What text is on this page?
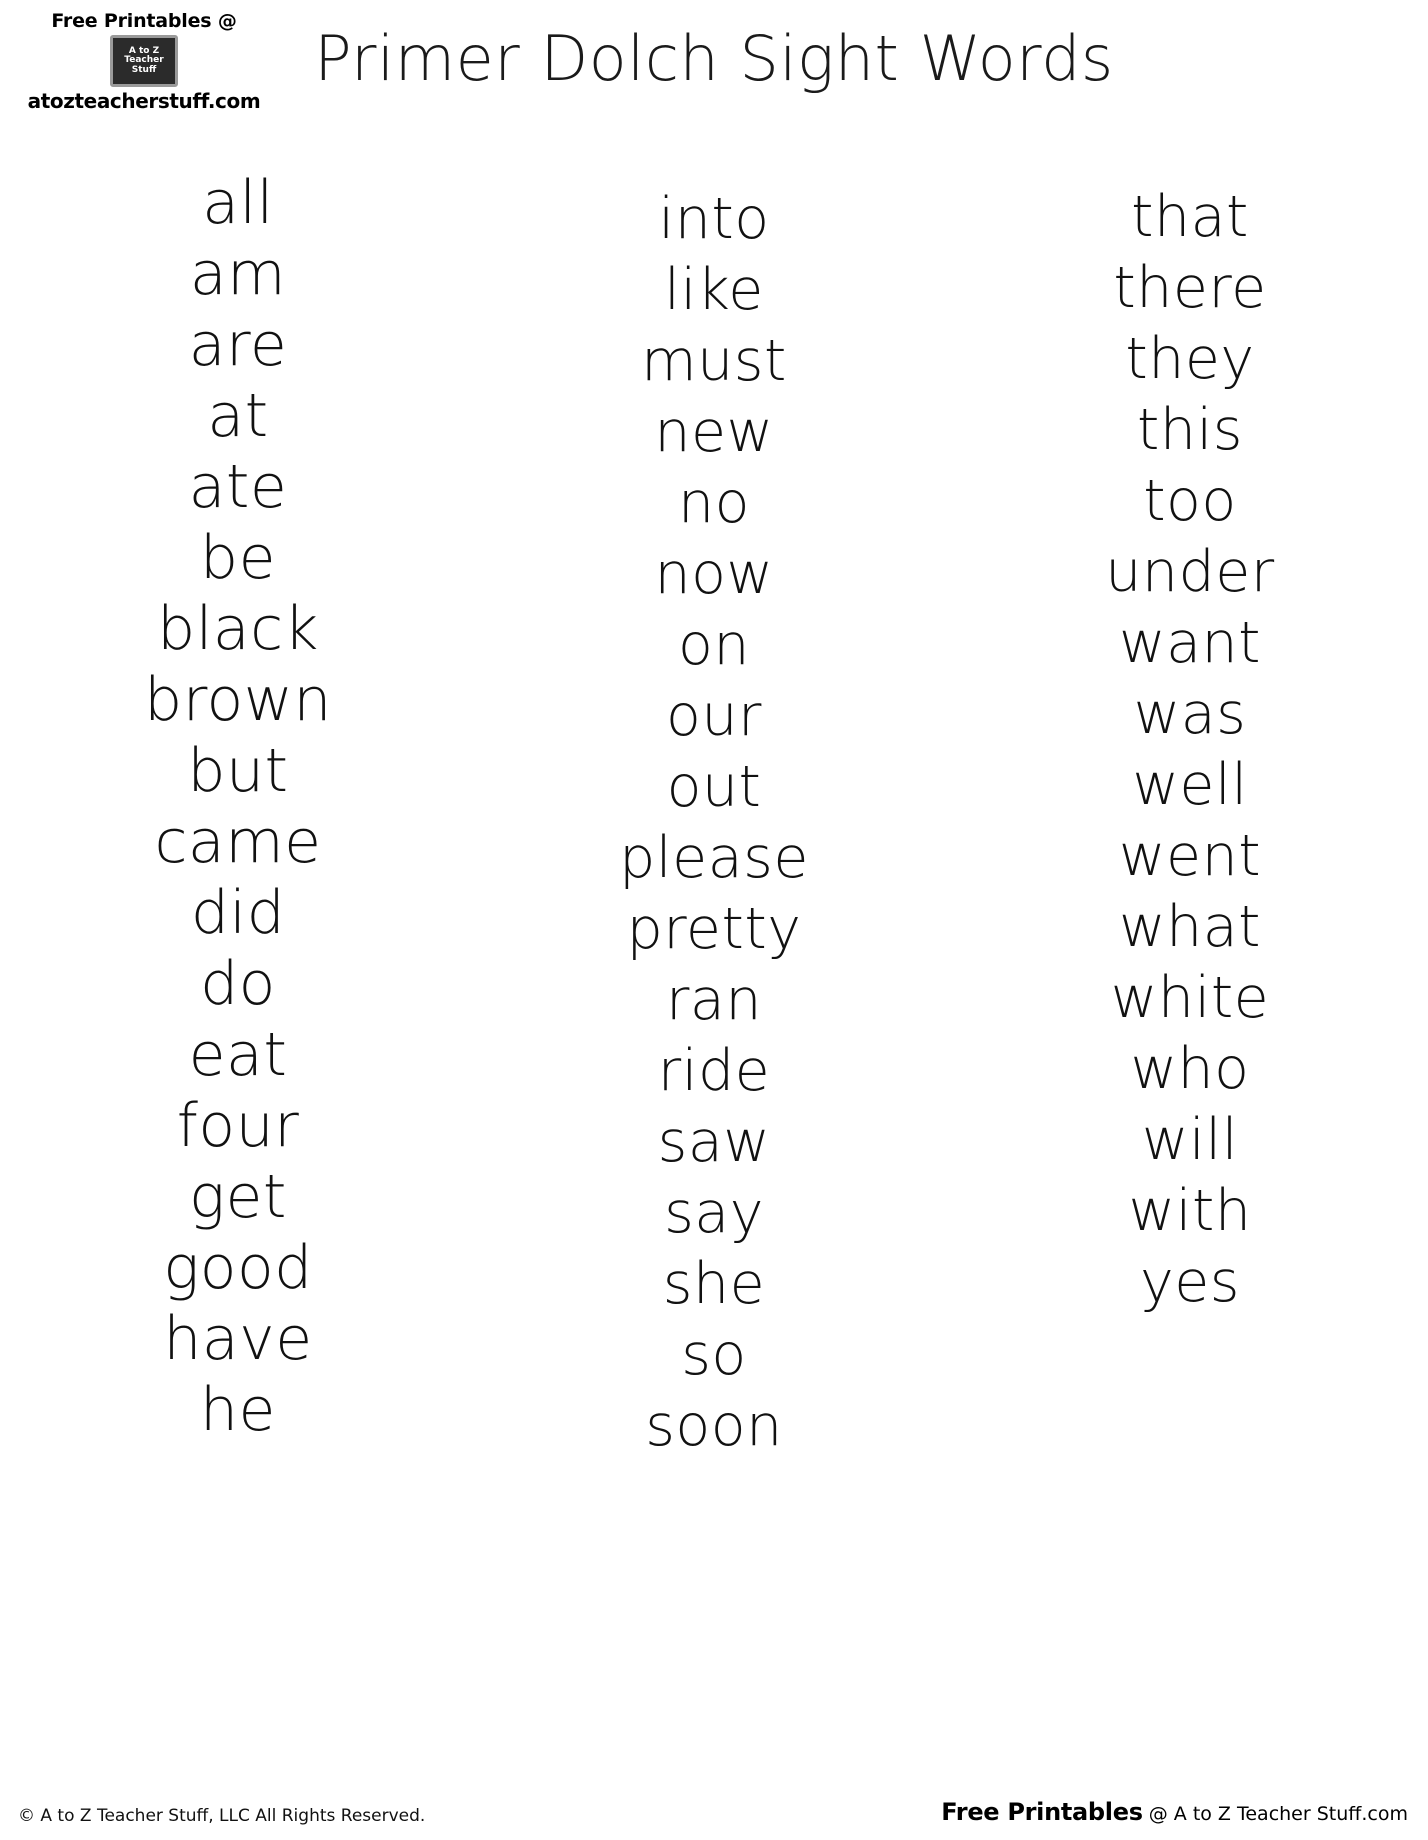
Free Printables @
A to Z
Teacher
Stuff
atozteacherstuff.com
Primer Dolch Sight Words
all
am
are
at
ate
be
black
brown
but
came
did
do
eat
four
get
good
have
he
into
like
must
new
no
now
on
our
out
please
pretty
ran
ride
saw
say
she
so
soon
that
there
they
this
too
under
want
was
well
went
what
white
who
will
with
yes
© A to Z Teacher Stuff, LLC All Rights Reserved.	Free Printables @ A to Z Teacher Stuff.com
